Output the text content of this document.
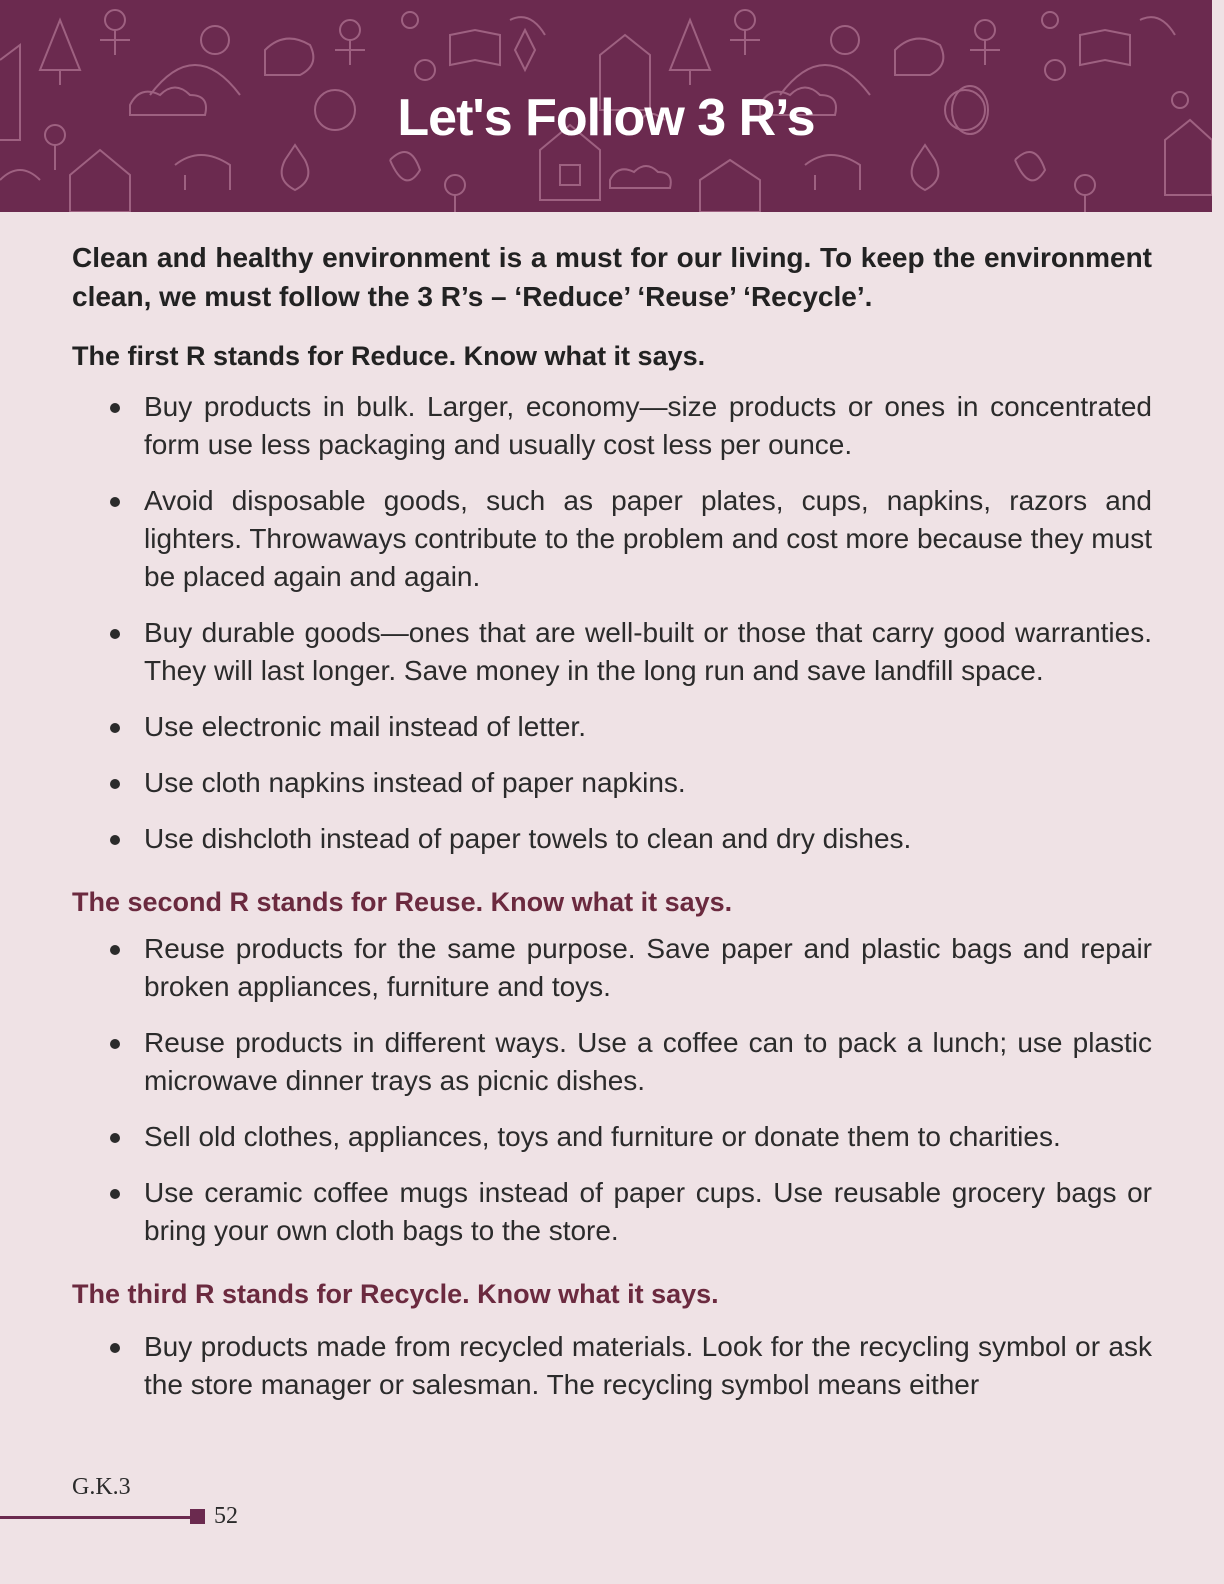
Let's Follow 3 R’s

Clean and healthy environment is a must for our living. To keep the environment clean, we must follow the 3 R’s – ‘Reduce’ ‘Reuse’ ‘Recycle’.

The first R stands for Reduce. Know what it says.

Buy products in bulk. Larger, economy—size products or ones in concentrated form use less packaging and usually cost less per ounce.
Avoid disposable goods, such as paper plates, cups, napkins, razors and lighters. Throwaways contribute to the problem and cost more because they must be placed again and again.
Buy durable goods—ones that are well-built or those that carry good warranties. They will last longer. Save money in the long run and save landfill space.
Use electronic mail instead of letter.
Use cloth napkins instead of paper napkins.
Use dishcloth instead of paper towels to clean and dry dishes.

The second R stands for Reuse. Know what it says.

Reuse products for the same purpose. Save paper and plastic bags and repair broken appliances, furniture and toys.
Reuse products in different ways. Use a coffee can to pack a lunch; use plastic microwave dinner trays as picnic dishes.
Sell old clothes, appliances, toys and furniture or donate them to charities.
Use ceramic coffee mugs instead of paper cups. Use reusable grocery bags or bring your own cloth bags to the store.

The third R stands for Recycle. Know what it says.

Buy products made from recycled materials. Look for the recycling symbol or ask the store manager or salesman. The recycling symbol means either
G.K.3
52
